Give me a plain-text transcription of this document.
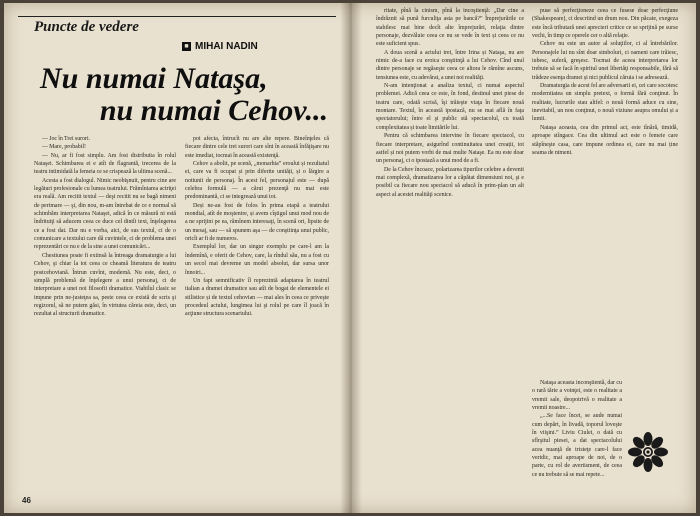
Puncte de vedere
■ MIHAI NADIN
Nu numai Nataşa,
nu numai Cehov...

— Joc în Trei surori.

— Mare, probabil!

— Nu, ar fi fost simplu. Am fost distribuita în rolul Nataşei. Schimbarea ei e atît de flagrantă, trecerea de la teatru intimidată la femeia ce se crispează la ultima scenă...

Acesta a fost dialogul. Nimic neobişnuit, pentru cine are legături profesionale cu lumea teatrului. Frămîntarea actriţei era reală. Am recitit textul — deşi recitit nu se bagă nimeni de perimare — şi, din nou, m-am întrebat de ce e normal să schimbăm interpretarea Nataşei, adică în ce măsură ni estă îndrituiţi să aducem ceea ce duce cel dintîi text, înţelegerea ce a fost dat. Dar nu e vorba, aici, de sus textul, ci de o comunicare a textului care dă cuvintele, ci de problema unei reprezentări ce nu e de la sine a unei comunicări...

Chestiunea poate fi extinsă la întreaga dramaturgie a lui Cehov, şi chiar la tot ceea ce cheamă literatura de teatru postcehoviană. Întrun cuvînt, modernă. Nu este, deci, o simplă problemă de înţelegere a unui personaj, ci de interpretare a unei noi filosofii dramatice. Viabilul clasic se impune prin ne-justeţea sa, peste ceea ce există de scris şi regizorul, să ne putem găsi, în virtutea căreia este, deci, un rezultat al structurii dramatice.

pot afecta, întrucît nu are alte repere. Bineînţeles că fiecare dintre cele trei surori care sînt în această înfăţişare nu este imediat, tocmai în această existenţă.

Cehov a abolit, pe scenă, „monarhia” eroului și rezultatul ei, care va fi ocupat și prin diferite unități, și o lărgire a notiunii de personaj. În acest fel, personajul este — după celebra formulă — a cărui prezenţă nu mai este predominantă, ci se integrează unui tot.

Deși ne-au fost de folos în prima etapă a teatrului mondial, atît de moştenire, și avem cîştigul unui mod nou de a ne sprijini pe ea, rămînem interesaţi, în scenă ori, lipsite de un mesaj, sau — să spunem aşa — de conştiinţa unui public, oricît ar fi de numeros.

Exemplul lor, dar un singur exemplu pe care-l am la îndemînă, e oferit de Cehov, care, la rîndul său, nu a fost cu un secol mai devreme un model absolut, dar sursa unor înnoiri...

Un fapt semnificativ îl reprezintă adaptarea în teatrul italian a dramei dramatice sau atît de bogat de elementele ei stilistice și de textul cehovian — mai ales în ceea ce priveşte procedeul actului, lungimea lui şi rolul pe care îl joacă în acţiune structura scenariului.

46

ritate, pînă la cinism, pînă la incoştienţă: „Dar cine a îndrăznit să pună furculiţa asta pe bancă?” Împrejurările ce stabilesc mai bine decît alte împrejurări, relaţia dintre personaje, dezvăluie ceea ce nu se vede în text și ceea ce nu este suficient spus.

A doua scenă a actului trei, între Irina și Nataşa, nu are nimic de-a face cu eroica conştiinţă a lui Cehov. Cînd unul dintre personaje se regăseşte ceea ce altora le rămîne ascuns, tensiunea este, cu adevărat, a unei noi realităţi.

N-am intenţionat a analiza textul, ci numai aspectul problemei. Adică ceea ce este, în fond, destinul unei piese de teatru care, odată scrisă, îşi trăieşte viaţa în fiecare nouă montare. Textul, în această ipostază, nu se mai află în faţa spectatorului; între el şi public stă spectacolul, cu toată complexitatea și toate limitările lui.

Pentru că schimbarea intervine în fiecare spectacol, cu fiecare interpretare, asigurînd continuitatea unei creații, tot astfel și noi putem vorbi de mai multe Nataşe. Ea nu este doar un personaj, ci o ipostază a unui mod de a fi.

De la Cehov încoace, polarizarea tipurilor celebre a devenit mai complexă, dramatizarea lor a căpătat dimensiuni noi, şi e posibil ca fiecare nou spectacol să aducă în prim-plan un alt aspect al acestei realităţi scenice.

puse să perfecţioneze ceea ce fusese doar perfecţiune (Shakespeare), ci descriind un drum nou. Din păcate, exegeza este încă tributară unei aprecieri critice ce se sprijină pe surse vechi, în timp ce operele cer o altă relaţie.

Cehov nu este un autor al soluţiilor, ci al întrebărilor. Personajele lui nu sînt doar simboluri, ci oameni care trăiesc, iubesc, suferă, greşesc. Tocmai de aceea interpretarea lor trebuie să se facă în spiritul unei libertăţi responsabile, fără să trădeze esenţa dramei și nici publicul căruia i se adresează.

Dramaturgia de acest fel are adversarii ei, cei care socotesc modernitatea un simplu pretext, o formă fără conţinut. În realitate, lucrurile stau altfel: o nouă formă aduce cu sine, inevitabil, un nou conţinut, o nouă viziune asupra omului și a lumii.

Nataşa aceasta, cea din primul act, este tînără, timidă, aproape stîngace. Cea din ultimul act este o femeie care stăpîneşte casa, care impune ordinea ei, care nu mai ține seama de nimeni.

Nataşa aceasta inconştientă, dar cu o rară tărie a voinţei, este o realitate a vremii sale, deopotrivă o realitate a vremii noastre...

„...Se face încet, se aude numai cum depărt, în livadă, toporul loveşte în viişini.” Liviu Ciulei, o dată cu sfîrşitul piesei, a dat spectacolului acea nuanţă de tristeţe care-l face veridic, mai aproape de noi, de o parte, cu rol de avertisment, de ceea ce nu trebuie să se mai repete...
